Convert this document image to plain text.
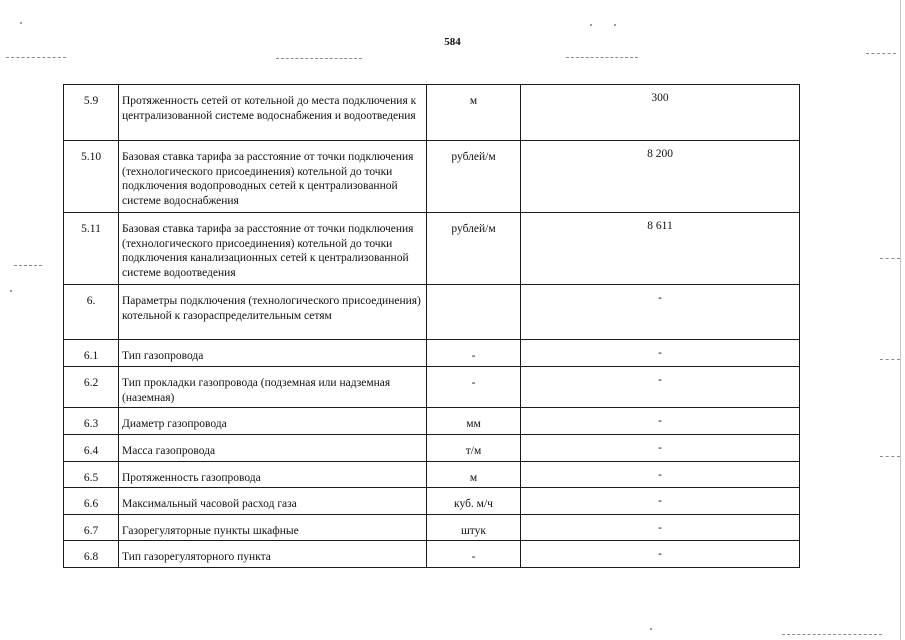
584
5.9	Протяженность сетей от котельной до места подключения к централизованной системе водоснабжения и водоотведения	м	300

5.10	Базовая ставка тарифа за расстояние от точки подключения (технологического присоединения) котельной до точки подключения водопроводных сетей к централизованной системе водоснабжения	рублей/м	8 200

5.11	Базовая ставка тарифа за расстояние от точки подключения (технологического присоединения) котельной до точки подключения канализационных сетей к централизованной системе водоотведения	рублей/м	8 611

6.	Параметры подключения (технологического присоединения) котельной к газораспределительным сетям		-

6.1	Тип газопровода	-	-

6.2	Тип прокладки газопровода (подземная или надземная (наземная)	-	-

6.3	Диаметр газопровода	мм	-

6.4	Масса газопровода	т/м	-

6.5	Протяженность газопровода	м	-

6.6	Максимальный часовой расход газа	куб. м/ч	-

6.7	Газорегуляторные пункты шкафные	штук	-

6.8	Тип газорегуляторного пункта	-	-
